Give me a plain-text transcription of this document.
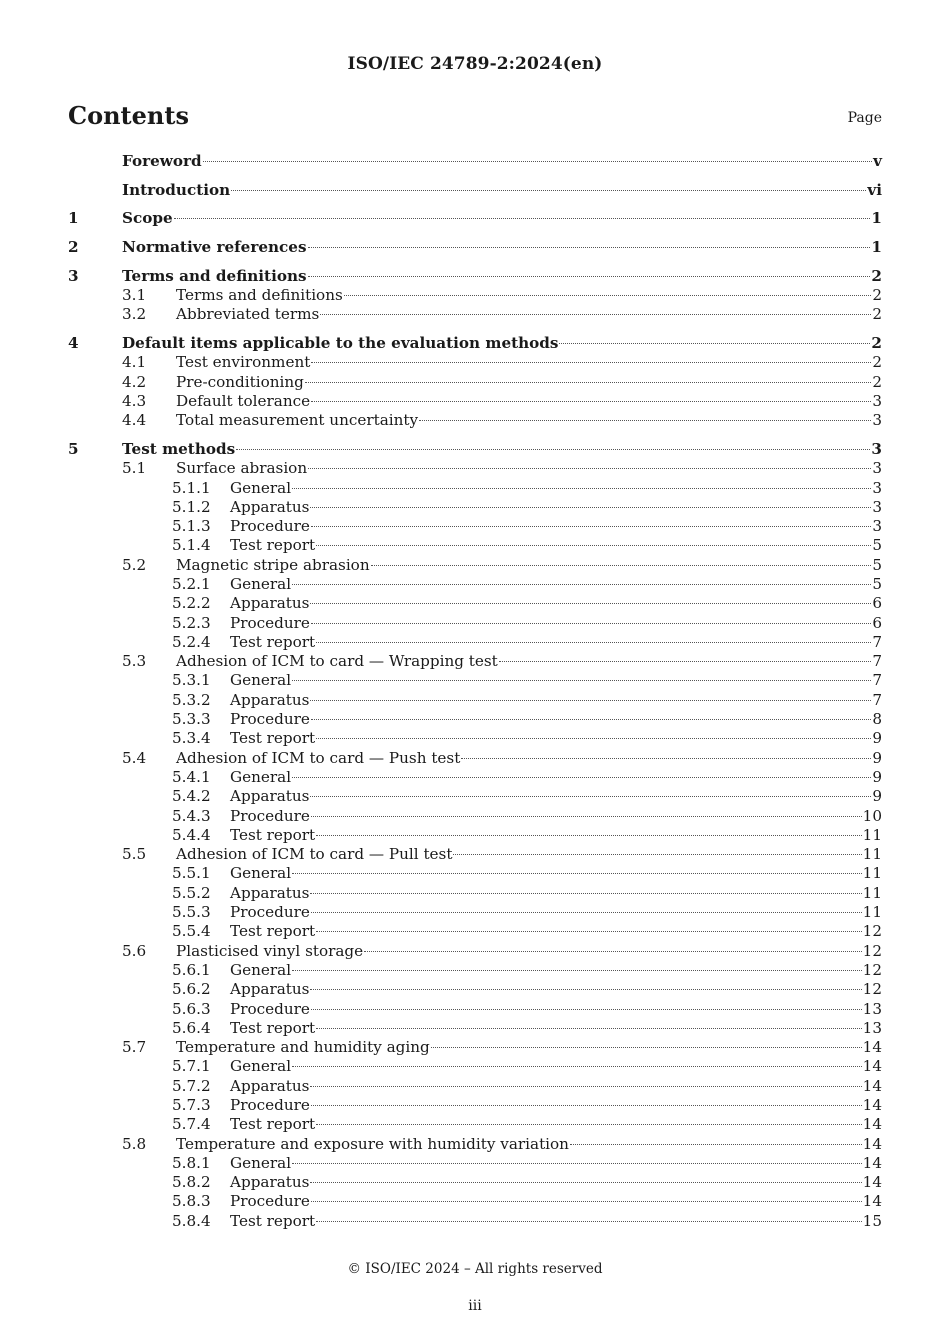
ISO/IEC 24789-2:2024(en)
Contents	Page
Foreword	v
Introduction	vi
1	Scope	1
2	Normative references	1
3	Terms and definitions	2
3.1	Terms and definitions	2
3.2	Abbreviated terms	2
4	Default items applicable to the evaluation methods	2
4.1	Test environment	2
4.2	Pre-conditioning	2
4.3	Default tolerance	3
4.4	Total measurement uncertainty	3
5	Test methods	3
5.1	Surface abrasion	3
5.1.1	General	3
5.1.2	Apparatus	3
5.1.3	Procedure	3
5.1.4	Test report	5
5.2	Magnetic stripe abrasion	5
5.2.1	General	5
5.2.2	Apparatus	6
5.2.3	Procedure	6
5.2.4	Test report	7
5.3	Adhesion of ICM to card — Wrapping test	7
5.3.1	General	7
5.3.2	Apparatus	7
5.3.3	Procedure	8
5.3.4	Test report	9
5.4	Adhesion of ICM to card — Push test	9
5.4.1	General	9
5.4.2	Apparatus	9
5.4.3	Procedure	10
5.4.4	Test report	11
5.5	Adhesion of ICM to card — Pull test	11
5.5.1	General	11
5.5.2	Apparatus	11
5.5.3	Procedure	11
5.5.4	Test report	12
5.6	Plasticised vinyl storage	12
5.6.1	General	12
5.6.2	Apparatus	12
5.6.3	Procedure	13
5.6.4	Test report	13
5.7	Temperature and humidity aging	14
5.7.1	General	14
5.7.2	Apparatus	14
5.7.3	Procedure	14
5.7.4	Test report	14
5.8	Temperature and exposure with humidity variation	14
5.8.1	General	14
5.8.2	Apparatus	14
5.8.3	Procedure	14
5.8.4	Test report	15
© ISO/IEC 2024 – All rights reserved
iii
